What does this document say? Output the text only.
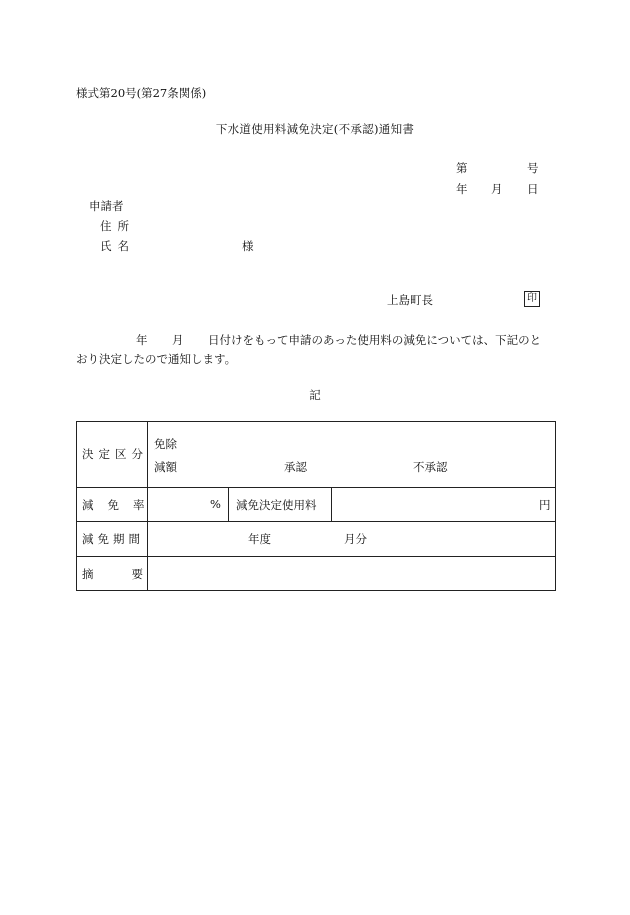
様式第20号(第27条関係)
下水道使用料減免決定(不承認)通知書
第	号
年 月 日
申請者
住所
氏名	様
上島町長	印
年 月 日付けをもって申請のあった使用料の減免については、下記のと
おり決定したので通知します。
記
決定区分
免除
減額	承認	不承認
減免率	% 減免決定使用料	円
減免期間	年度	月分
摘要
